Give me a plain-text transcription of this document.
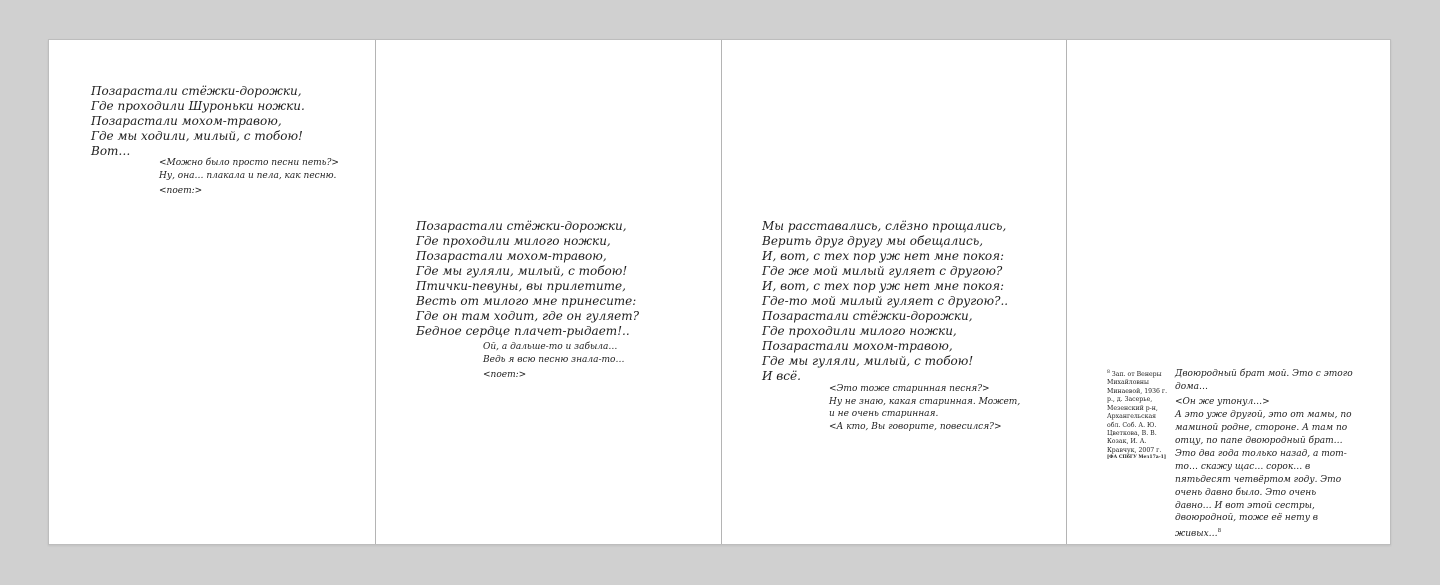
Позарастали стёжки-дорожки,
Где проходили Шуроньки ножки.
Позарастали мохом-травою,
Где мы ходили, милый, с тобою!
Вот…
<Можно было просто песни петь?>
Ну, она… плакала и пела, как песню.
<поет:>
Позарастали стёжки-дорожки,
Где проходили милого ножки,
Позарастали мохом-травою,
Где мы гуляли, милый, с тобою!
Птички-певуны, вы прилетите,
Весть от милого мне принесите:
Где он там ходит, где он гуляет?
Бедное сердце плачет-рыдает!..
Ой, а дальше-то и забыла…
Ведь я всю песню знала-то…
<поет:>
Мы расставались, слёзно прощались,
Верить друг другу мы обещались,
И, вот, с тех пор уж нет мне покоя:
Где же мой милый гуляет с другою?
И, вот, с тех пор уж нет мне покоя:
Где-то мой милый гуляет с другою?..
Позарастали стёжки-дорожки,
Где проходили милого ножки,
Позарастали мохом-травою,
Где мы гуляли, милый, с тобою!
И всё.
<Это тоже старинная песня?>
Ну не знаю, какая старинная. Может, и не очень старинная.
<А кто, Вы говорите, повесился?>
$^8$ Зап. от Венеры Михайловны Минаевой, 1936 г. р., д. Засерье, Мезенский р-н, Архангельская обл. Соб. А. Ю. Цветкова, В. В. Козак, И. А. Кравчук, 2007 г.
[ФА СПбГУ Мез17а-1]
Двоюродный брат мой. Это с этого дома…
<Он же утонул…>
А это уже другой, это от мамы, по маминой родне, стороне. А там по отцу, по папе двоюродный брат… Это два года только назад, а тот-то… скажу щас… сорок… в пятьдесят четвёртом году. Это очень давно было. Это очень давно… И вот этой сестры, двоюродной, тоже её нету в живых…$^8$
